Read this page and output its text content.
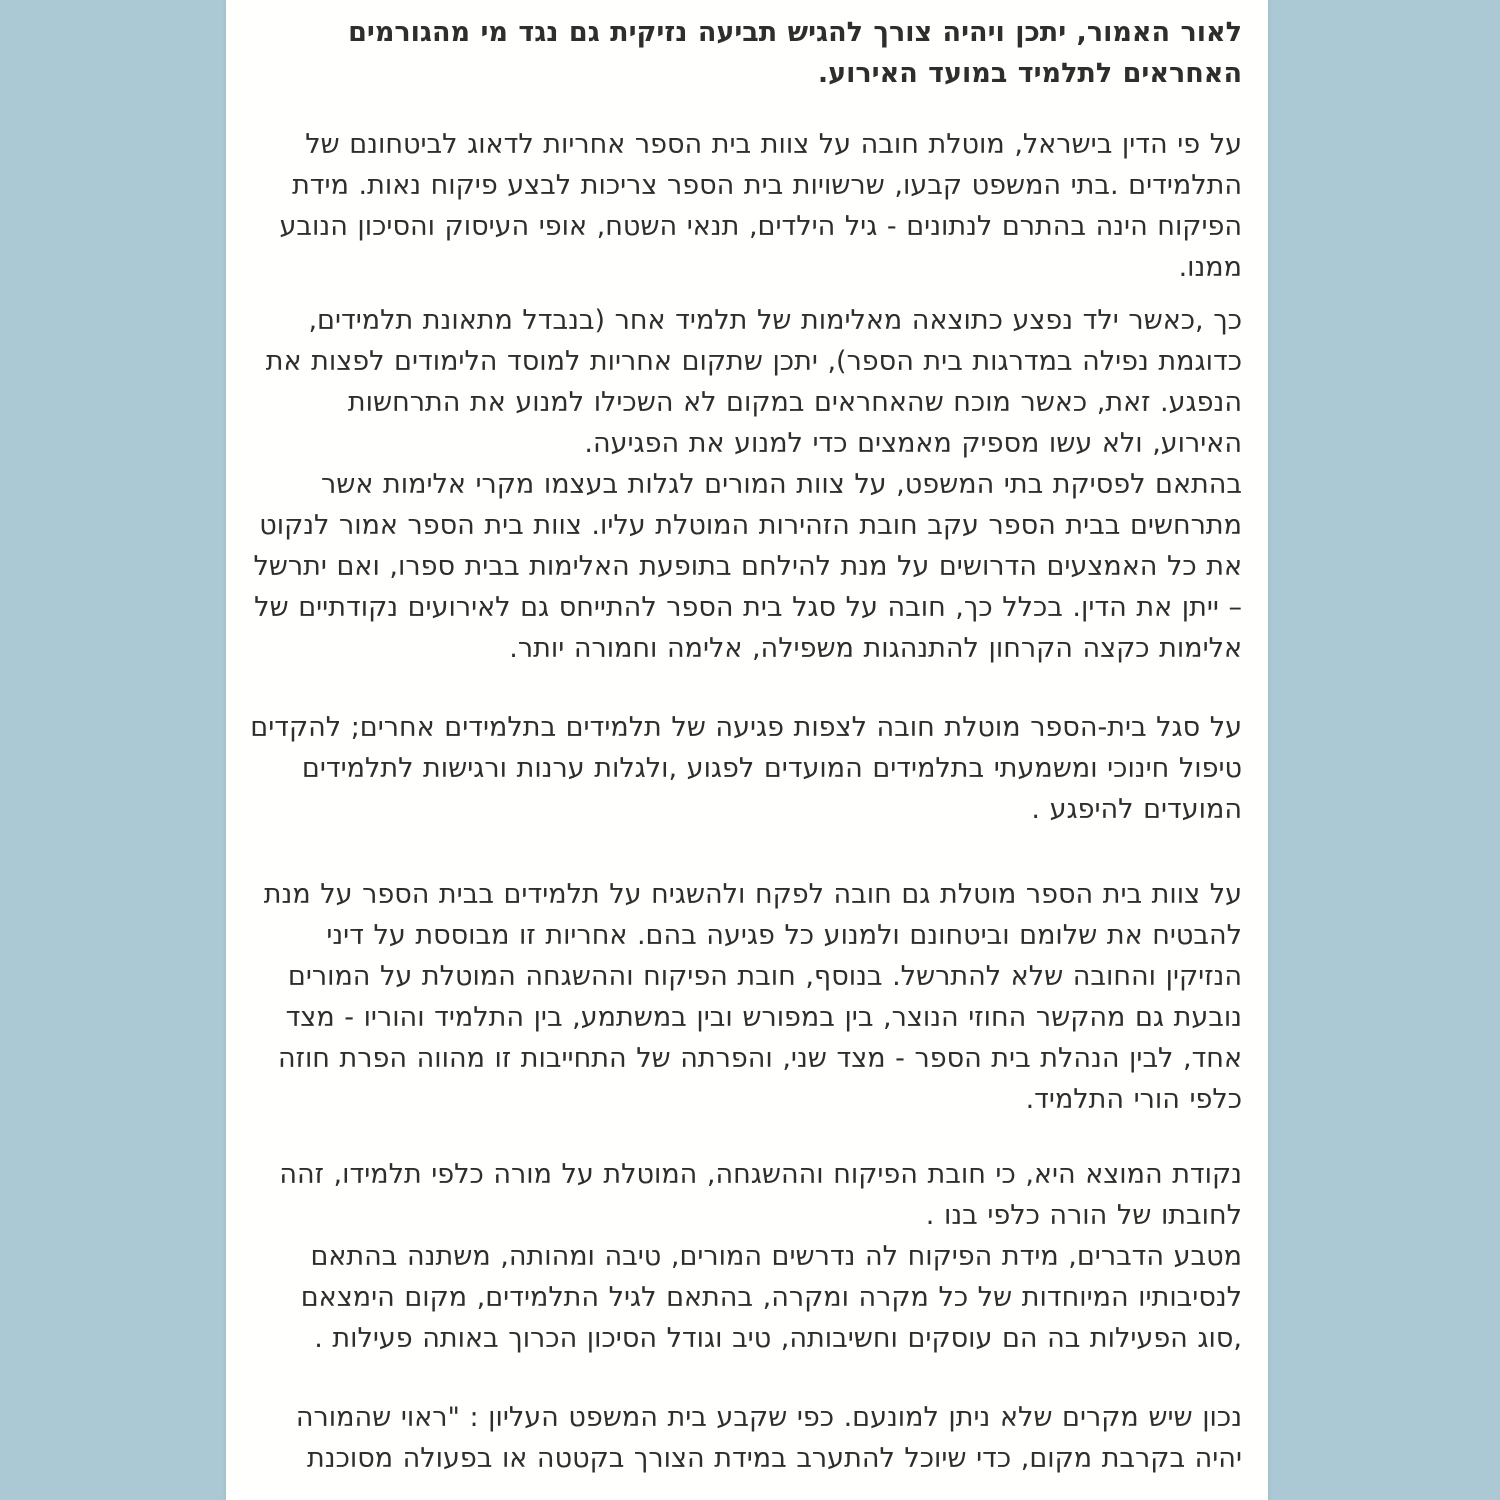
לאור האמור, יתכן ויהיה צורך להגיש תביעה נזיקית גם נגד מי מהגורמים האחראים לתלמיד במועד האירוע.

על פי הדין בישראל, מוטלת חובה על צוות בית הספר אחריות לדאוג לביטחונם של התלמידים .בתי המשפט קבעו, שרשויות בית הספר צריכות לבצע פיקוח נאות. מידת הפיקוח הינה בהתרם לנתונים - גיל הילדים, תנאי השטח, אופי העיסוק והסיכון הנובע ממנו.

כך ,כאשר ילד נפצע כתוצאה מאלימות של תלמיד אחר (בנבדל מתאונת תלמידים, כדוגמת נפילה במדרגות בית הספר), יתכן שתקום אחריות למוסד הלימודים לפצות את הנפגע. זאת, כאשר מוכח שהאחראים במקום לא השכילו למנוע את התרחשות האירוע, ולא עשו מספיק מאמצים כדי למנוע את הפגיעה.

בהתאם לפסיקת בתי המשפט, על צוות המורים לגלות בעצמו מקרי אלימות אשר מתרחשים בבית הספר עקב חובת הזהירות המוטלת עליו. צוות בית הספר אמור לנקוט את כל האמצעים הדרושים על מנת להילחם בתופעת האלימות בבית ספרו, ואם יתרשל – ייתן את הדין. בכלל כך, חובה על סגל בית הספר להתייחס גם לאירועים נקודתיים של אלימות כקצה הקרחון להתנהגות משפילה, אלימה וחמורה יותר.

על סגל בית-הספר מוטלת חובה לצפות פגיעה של תלמידים בתלמידים אחרים; להקדים טיפול חינוכי ומשמעתי בתלמידים המועדים לפגוע ,ולגלות ערנות ורגישות לתלמידים המועדים להיפגע .

על צוות בית הספר מוטלת גם חובה לפקח ולהשגיח על תלמידים בבית הספר על מנת להבטיח את שלומם וביטחונם ולמנוע כל פגיעה בהם. אחריות זו מבוססת על דיני הנזיקין והחובה שלא להתרשל. בנוסף, חובת הפיקוח וההשגחה המוטלת על המורים נובעת גם מהקשר החוזי הנוצר, בין במפורש ובין במשתמע, בין התלמיד והוריו - מצד אחד, לבין הנהלת בית הספר - מצד שני, והפרתה של התחייבות זו מהווה הפרת חוזה כלפי הורי התלמיד.

נקודת המוצא היא, כי חובת הפיקוח וההשגחה, המוטלת על מורה כלפי תלמידו, זהה לחובתו של הורה כלפי בנו .

מטבע הדברים, מידת הפיקוח לה נדרשים המורים, טיבה ומהותה, משתנה בהתאם לנסיבותיו המיוחדות של כל מקרה ומקרה, בהתאם לגיל התלמידים, מקום הימצאם ,סוג הפעילות בה הם עוסקים וחשיבותה, טיב וגודל הסיכון הכרוך באותה פעילות .

נכון שיש מקרים שלא ניתן למונעם. כפי שקבע בית המשפט העליון : "ראוי שהמורה יהיה בקרבת מקום, כדי שיוכל להתערב במידת הצורך בקטטה או בפעולה מסוכנת
